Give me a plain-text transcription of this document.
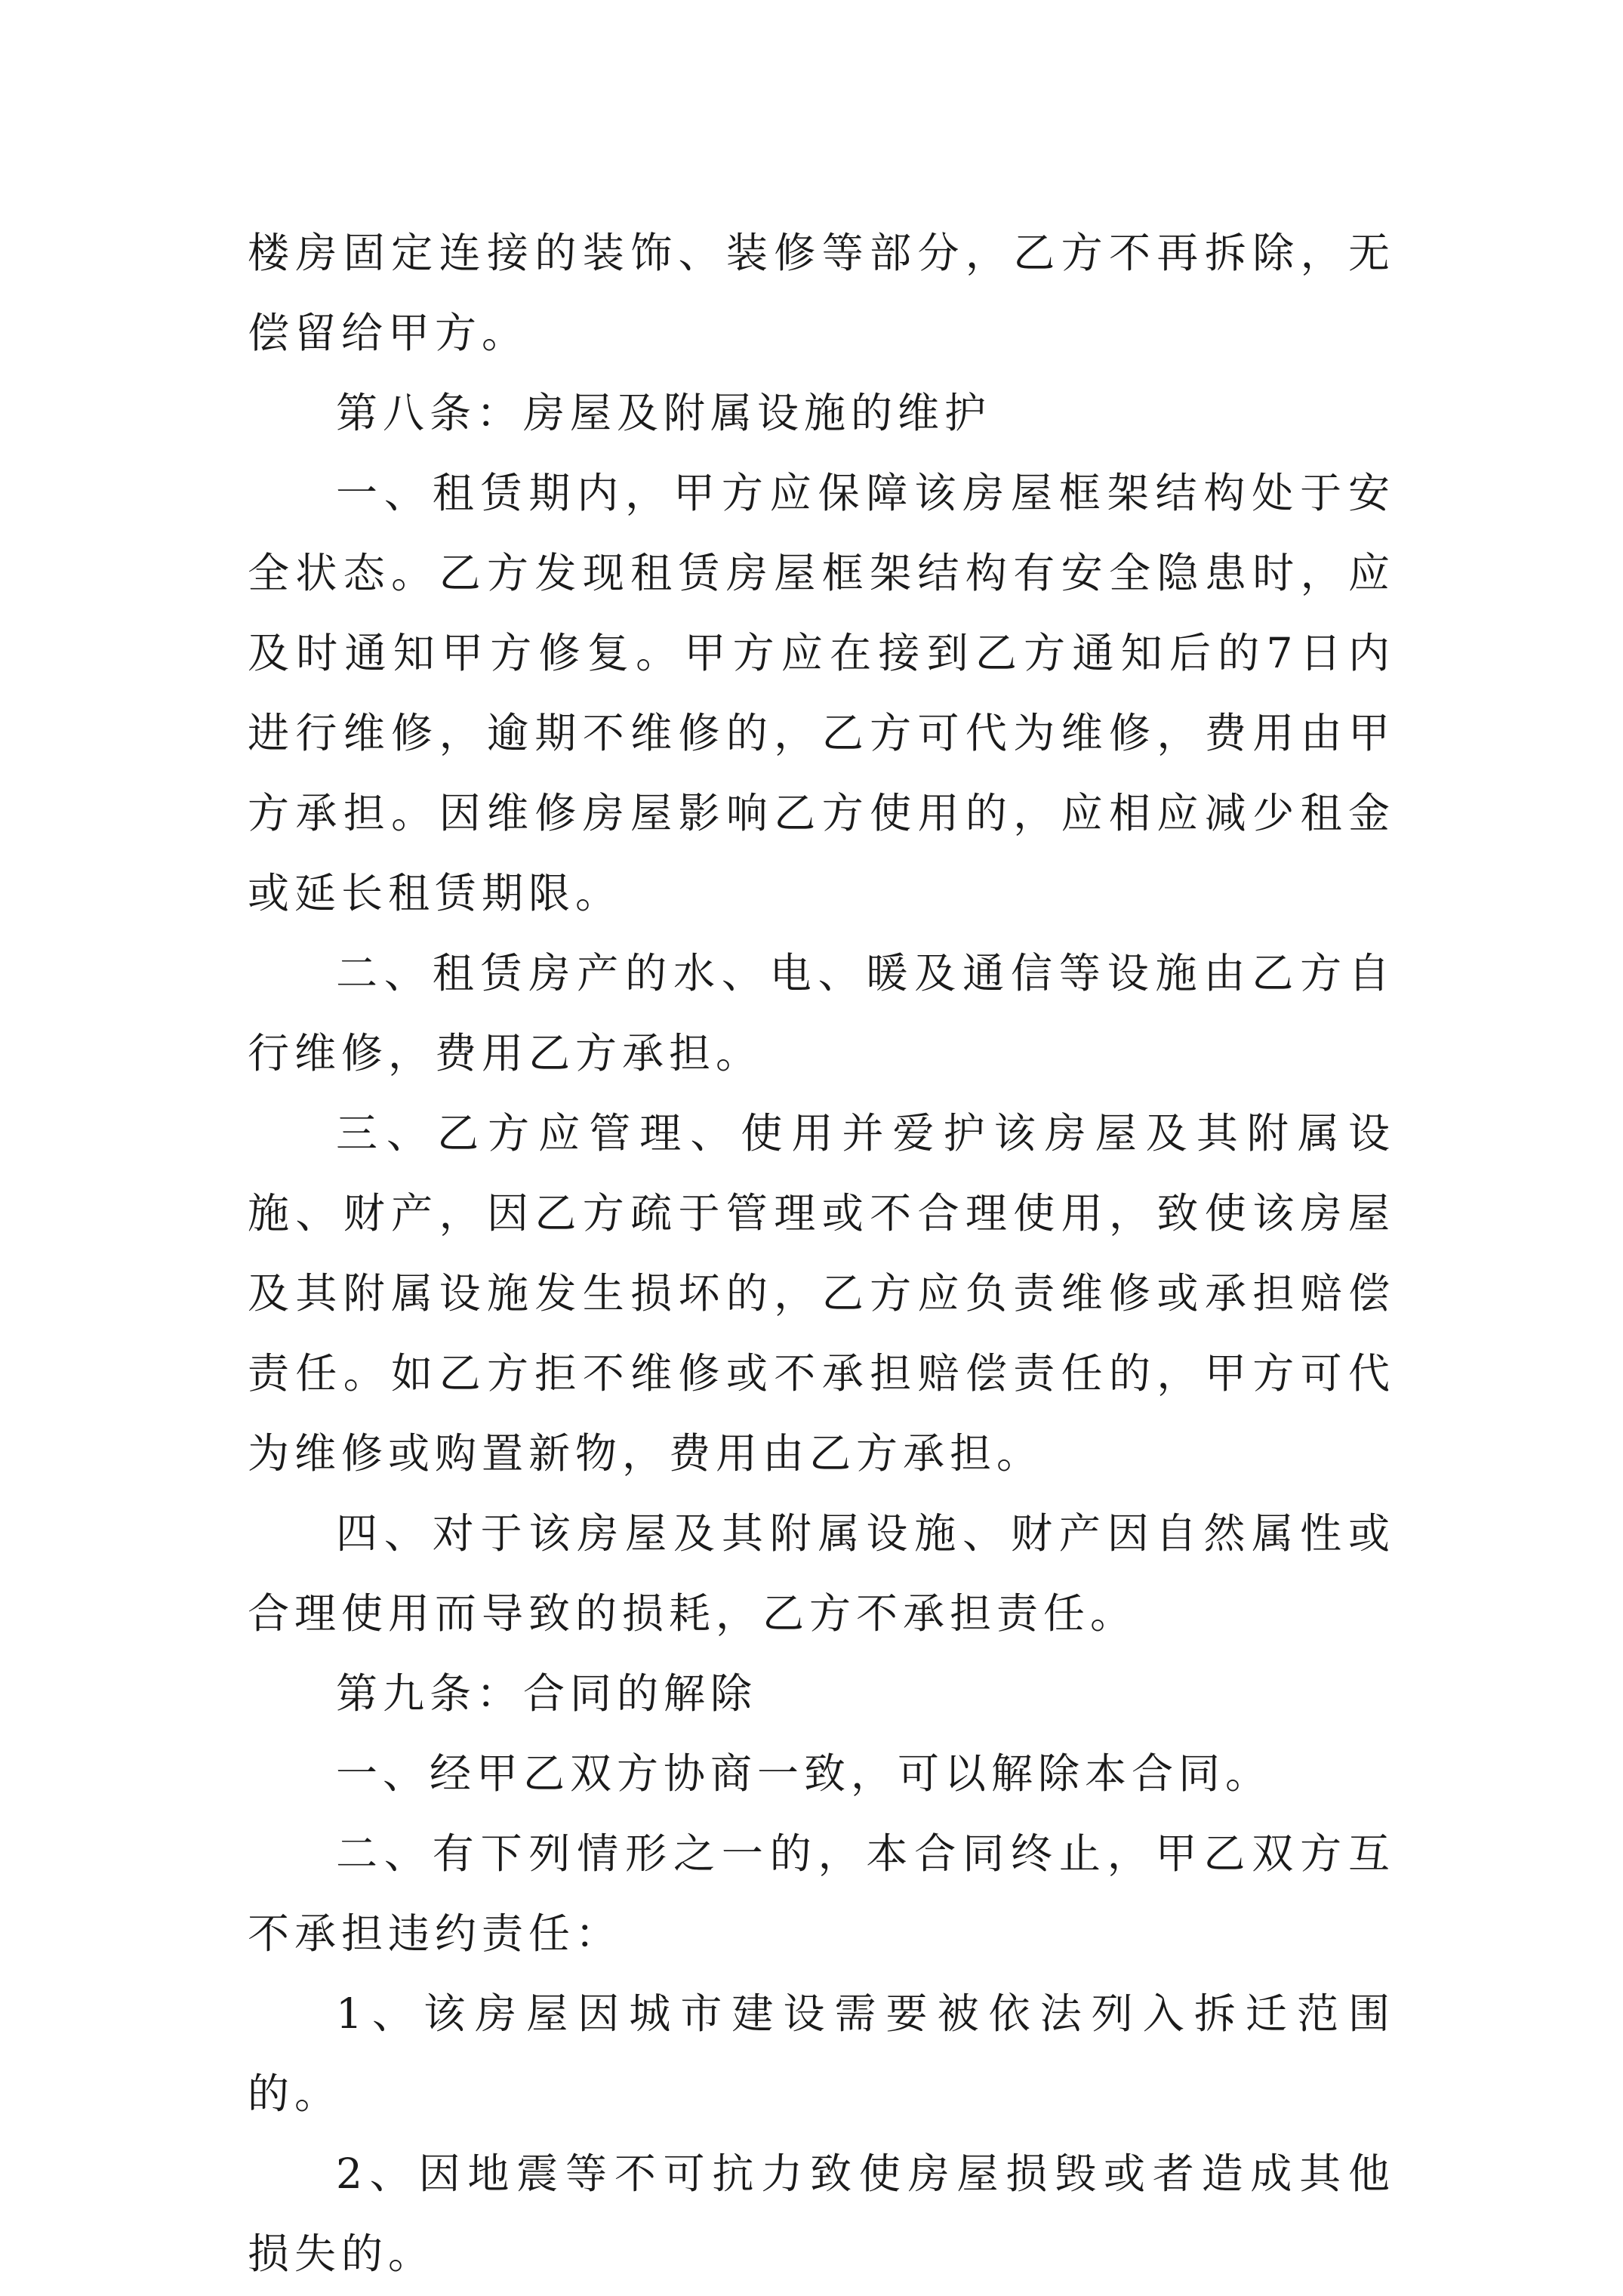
楼房固定连接的装饰、装修等部分，乙方不再拆除，无偿留给甲方。

第八条：房屋及附属设施的维护

一、租赁期内，甲方应保障该房屋框架结构处于安全状态。乙方发现租赁房屋框架结构有安全隐患时，应及时通知甲方修复。甲方应在接到乙方通知后的7日内进行维修，逾期不维修的，乙方可代为维修，费用由甲方承担。因维修房屋影响乙方使用的，应相应减少租金或延长租赁期限。

二、租赁房产的水、电、暖及通信等设施由乙方自行维修，费用乙方承担。

三、乙方应管理、使用并爱护该房屋及其附属设施、财产，因乙方疏于管理或不合理使用，致使该房屋及其附属设施发生损坏的，乙方应负责维修或承担赔偿责任。如乙方拒不维修或不承担赔偿责任的，甲方可代为维修或购置新物，费用由乙方承担。

四、对于该房屋及其附属设施、财产因自然属性或合理使用而导致的损耗，乙方不承担责任。

第九条：合同的解除

一、经甲乙双方协商一致，可以解除本合同。

二、有下列情形之一的，本合同终止，甲乙双方互不承担违约责任：

1、该房屋因城市建设需要被依法列入拆迁范围的。

2、因地震等不可抗力致使房屋损毁或者造成其他损失的。
